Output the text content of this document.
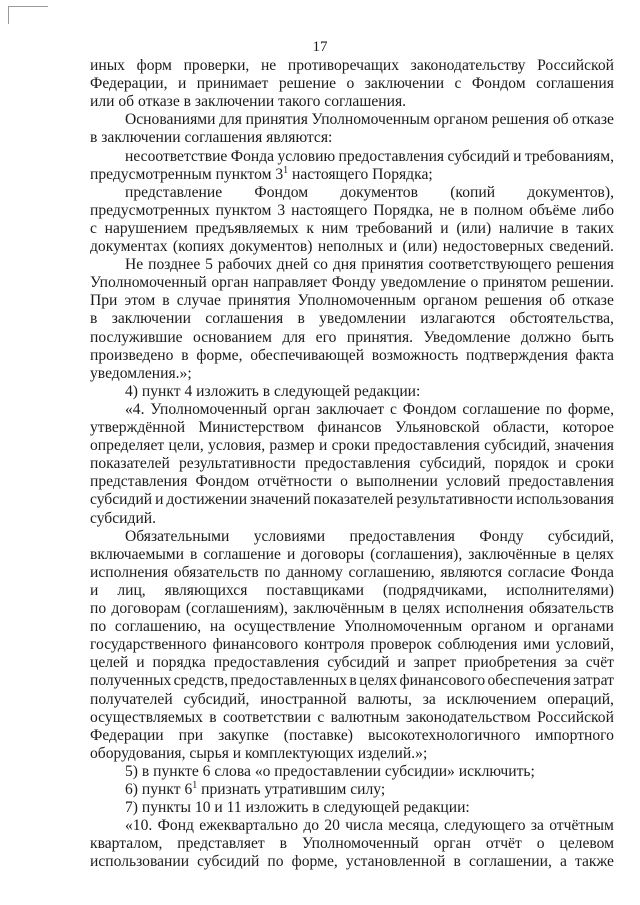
17
иных форм проверки, не противоречащих законодательству Российской
Федерации, и принимает решение о заключении с Фондом соглашения
или об отказе в заключении такого соглашения.
Основаниями для принятия Уполномоченным органом решения об отказе
в заключении соглашения являются:
несоответствие Фонда условию предоставления субсидий и требованиям,
предусмотренным пунктом $3^1$ настоящего Порядка;
представление Фондом документов (копий документов),
предусмотренных пунктом 3 настоящего Порядка, не в полном объёме либо
с нарушением предъявляемых к ним требований и (или) наличие в таких
документах (копиях документов) неполных и (или) недостоверных сведений.
Не позднее 5 рабочих дней со дня принятия соответствующего решения
Уполномоченный орган направляет Фонду уведомление о принятом решении.
При этом в случае принятия Уполномоченным органом решения об отказе
в заключении соглашения в уведомлении излагаются обстоятельства,
послужившие основанием для его принятия. Уведомление должно быть
произведено в форме, обеспечивающей возможность подтверждения факта
уведомления.»;
4) пункт 4 изложить в следующей редакции:
«4. Уполномоченный орган заключает с Фондом соглашение по форме,
утверждённой Министерством финансов Ульяновской области, которое
определяет цели, условия, размер и сроки предоставления субсидий, значения
показателей результативности предоставления субсидий, порядок и сроки
представления Фондом отчётности о выполнении условий предоставления
субсидий и достижении значений показателей результативности использования
субсидий.
Обязательными условиями предоставления Фонду субсидий,
включаемыми в соглашение и договоры (соглашения), заключённые в целях
исполнения обязательств по данному соглашению, являются согласие Фонда
и лиц, являющихся поставщиками (подрядчиками, исполнителями)
по договорам (соглашениям), заключённым в целях исполнения обязательств
по соглашению, на осуществление Уполномоченным органом и органами
государственного финансового контроля проверок соблюдения ими условий,
целей и порядка предоставления субсидий и запрет приобретения за счёт
полученных средств, предоставленных в целях финансового обеспечения затрат
получателей субсидий, иностранной валюты, за исключением операций,
осуществляемых в соответствии с валютным законодательством Российской
Федерации при закупке (поставке) высокотехнологичного импортного
оборудования, сырья и комплектующих изделий.»;
5) в пункте 6 слова «о предоставлении субсидии» исключить;
6) пункт $6^1$ признать утратившим силу;
7) пункты 10 и 11 изложить в следующей редакции:
«10. Фонд ежеквартально до 20 числа месяца, следующего за отчётным
кварталом, представляет в Уполномоченный орган отчёт о целевом
использовании субсидий по форме, установленной в соглашении, а также
